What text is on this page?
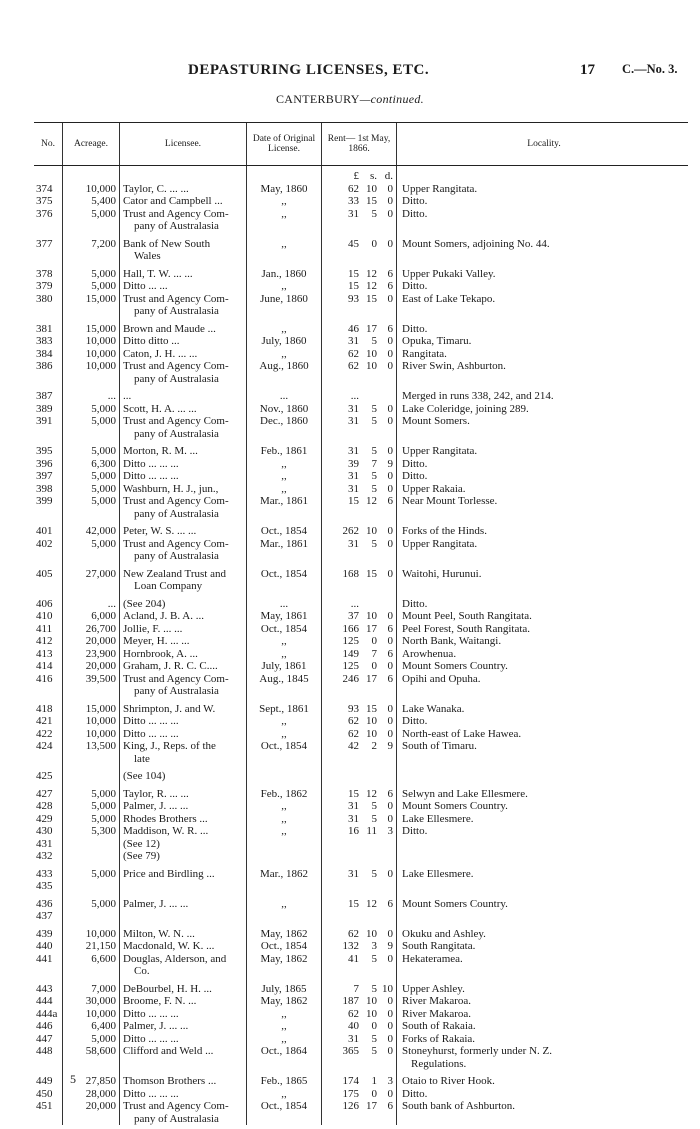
DEPASTURING LICENSES, ETC.	17 C.—No. 3.
CANTERBURY—continued.
No.	Acreage.	Licensee.	Date of Original License.	Rent— 1st May, 1866.	Locality.

				£ s. d.	

374	10,000	Taylor, C. ... ...	May, 1860	62 10 0	Upper Rangitata.
375	5,400	Cator and Campbell ...	,,	33 15 0	Ditto.
376	5,000	Trust and Agency Com-	,,	31 5 0	Ditto.
		pany of Australasia			
377	7,200	Bank of New South	,,	45 0 0	Mount Somers, adjoining No. 44.
		Wales			
378	5,000	Hall, T. W. ... ...	Jan., 1860	15 12 6	Upper Pukaki Valley.
379	5,000	Ditto ... ...	,,	15 12 6	Ditto.
380	15,000	Trust and Agency Com-	June, 1860	93 15 0	East of Lake Tekapo.
		pany of Australasia			
381	15,000	Brown and Maude ...	,,	46 17 6	Ditto.
383	10,000	Ditto ditto ...	July, 1860	31 5 0	Opuka, Timaru.
384	10,000	Caton, J. H. ... ...	,,	62 10 0	Rangitata.
386	10,000	Trust and Agency Com-	Aug., 1860	62 10 0	River Swin, Ashburton.
		pany of Australasia			
387	...	...	...	...	Merged in runs 338, 242, and 214.
389	5,000	Scott, H. A. ... ...	Nov., 1860	31 5 0	Lake Coleridge, joining 289.
391	5,000	Trust and Agency Com-	Dec., 1860	31 5 0	Mount Somers.
		pany of Australasia			
395	5,000	Morton, R. M. ...	Feb., 1861	31 5 0	Upper Rangitata.
396	6,300	Ditto ... ... ...	,,	39 7 9	Ditto.
397	5,000	Ditto ... ... ...	,,	31 5 0	Ditto.
398	5,000	Washburn, H. J., jun.,	,,	31 5 0	Upper Rakaia.
399	5,000	Trust and Agency Com-	Mar., 1861	15 12 6	Near Mount Torlesse.
		pany of Australasia			
401	42,000	Peter, W. S. ... ...	Oct., 1854	262 10 0	Forks of the Hinds.
402	5,000	Trust and Agency Com-	Mar., 1861	31 5 0	Upper Rangitata.
		pany of Australasia			
405	27,000	New Zealand Trust and	Oct., 1854	168 15 0	Waitohi, Hurunui.
		Loan Company			
406	...	(See 204)	...	...	Ditto.
410	6,000	Acland, J. B. A. ...	May, 1861	37 10 0	Mount Peel, South Rangitata.
411	26,700	Jollie, F. ... ...	Oct., 1854	166 17 6	Peel Forest, South Rangitata.
412	20,000	Meyer, H. ... ...	,,	125 0 0	North Bank, Waitangi.
413	23,900	Hornbrook, A. ...	,,	149 7 6	Arowhenua.
414	20,000	Graham, J. R. C. C....	July, 1861	125 0 0	Mount Somers Country.
416	39,500	Trust and Agency Com-	Aug., 1845	246 17 6	Opihi and Opuha.
		pany of Australasia			
418	15,000	Shrimpton, J. and W.	Sept., 1861	93 15 0	Lake Wanaka.
421	10,000	Ditto ... ... ...	,,	62 10 0	Ditto.
422	10,000	Ditto ... ... ...	,,	62 10 0	North-east of Lake Hawea.
424	13,500	King, J., Reps. of the	Oct., 1854	42 2 9	South of Timaru.
		late			
425		(See 104)		

427	5,000	Taylor, R. ... ...	Feb., 1862	15 12 6	Selwyn and Lake Ellesmere.
428	5,000	Palmer, J. ... ...	,,	31 5 0	Mount Somers Country.
429	5,000	Rhodes Brothers ...	,,	31 5 0	Lake Ellesmere.
430	5,300	Maddison, W. R. ...	,,	16 11 3	Ditto.
431		(See 12)		

432		(See 79)		

433	5,000	Price and Birdling ...	Mar., 1862	31 5 0	Lake Ellesmere.
435				

436	5,000	Palmer, J. ... ...	,,	15 12 6	Mount Somers Country.
437				

439	10,000	Milton, W. N. ...	May, 1862	62 10 0	Okuku and Ashley.
440	21,150	Macdonald, W. K. ...	Oct., 1854	132 3 9	South Rangitata.
441	6,600	Douglas, Alderson, and	May, 1862	41 5 0	Hekateramea.
		Co.			
443	7,000	DeBourbel, H. H. ...	July, 1865	7 5 10	Upper Ashley.
444	30,000	Broome, F. N. ...	May, 1862	187 10 0	River Makaroa.
444a	10,000	Ditto ... ... ...	,,	62 10 0	River Makaroa.
446	6,400	Palmer, J. ... ...	,,	40 0 0	South of Rakaia.
447	5,000	Ditto ... ... ...	,,	31 5 0	Forks of Rakaia.
448	58,600	Clifford and Weld ...	Oct., 1864	365 5 0	Stoneyhurst, formerly under N. Z.
					Regulations.
449	27,850	Thomson Brothers ...	Feb., 1865	174 1 3	Otaio to River Hook.
450	28,000	Ditto ... ... ...	,,	175 0 0	Ditto.
451	20,000	Trust and Agency Com-	Oct., 1854	126 17 6	South bank of Ashburton.
		pany of Australasia			
5
